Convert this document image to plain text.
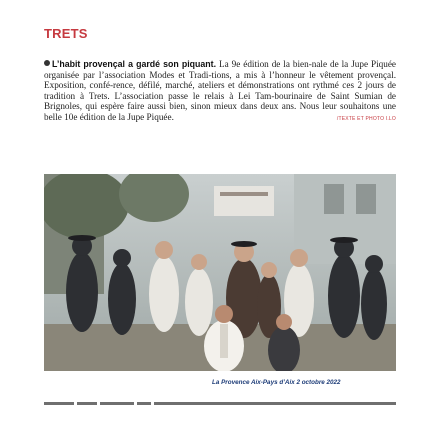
TRETS
L’habit provençal a gardé son piquant. La 9e édition de la bien-nale de la Jupe Piquée organisée par l’association Modes et Tradi-tions, a mis à l’honneur le vêtement provençal. Exposition, confé-rence, défilé, marché, ateliers et démonstrations ont rythmé ces 2 jours de tradition à Trets. L’association passe le relais à Lei Tam-bourinaire de Saint Sumian de Brignoles, qui espère faire aussi bien, sinon mieux dans deux ans. Nous leur souhaitons une belle 10e édition de la Jupe Piquée.	/TEXTE ET PHOTO I.LO
La Provence Aix-Pays d’Aix 2 octobre 2022
